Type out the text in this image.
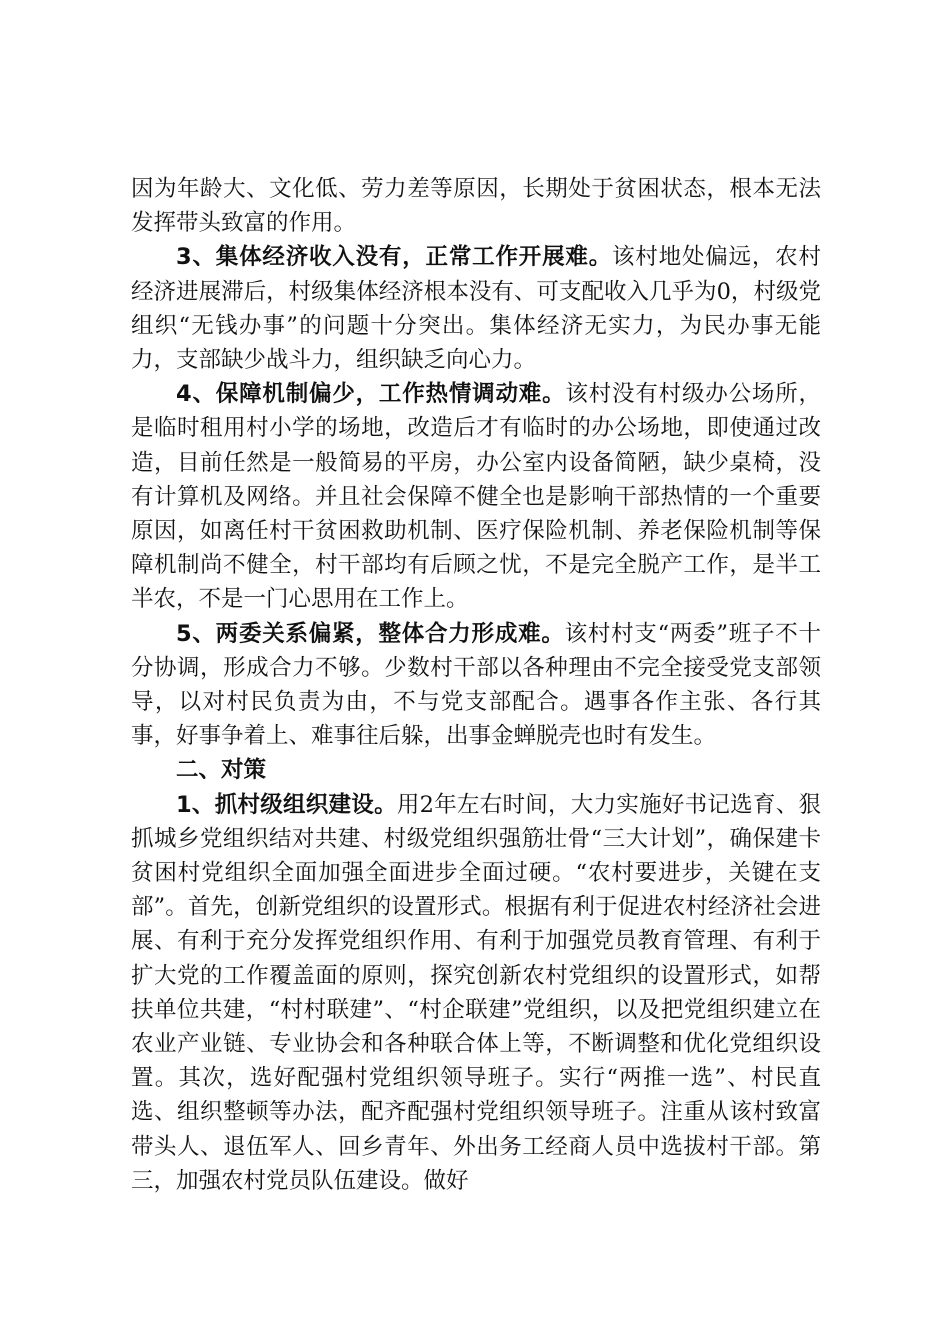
因为年龄大、文化低、劳力差等原因，长期处于贫困状态，根本无法发挥带头致富的作用。

3、集体经济收入没有，正常工作开展难。该村地处偏远，农村经济进展滞后，村级集体经济根本没有、可支配收入几乎为0，村级党组织“无钱办事”的问题十分突出。集体经济无实力，为民办事无能力，支部缺少战斗力，组织缺乏向心力。

4、保障机制偏少，工作热情调动难。该村没有村级办公场所，是临时租用村小学的场地，改造后才有临时的办公场地，即使通过改造，目前任然是一般简易的平房，办公室内设备简陋，缺少桌椅，没有计算机及网络。并且社会保障不健全也是影响干部热情的一个重要原因，如离任村干贫困救助机制、医疗保险机制、养老保险机制等保障机制尚不健全，村干部均有后顾之忧，不是完全脱产工作，是半工半农，不是一门心思用在工作上。

5、两委关系偏紧，整体合力形成难。该村村支“两委”班子不十分协调，形成合力不够。少数村干部以各种理由不完全接受党支部领导，以对村民负责为由，不与党支部配合。遇事各作主张、各行其事，好事争着上、难事往后躲，出事金蝉脱壳也时有发生。

二、对策

1、抓村级组织建设。用2年左右时间，大力实施好书记选育、狠抓城乡党组织结对共建、村级党组织强筋壮骨“三大计划”，确保建卡贫困村党组织全面加强全面进步全面过硬。“农村要进步，关键在支部”。首先，创新党组织的设置形式。根据有利于促进农村经济社会进展、有利于充分发挥党组织作用、有利于加强党员教育管理、有利于扩大党的工作覆盖面的原则，探究创新农村党组织的设置形式，如帮扶单位共建，“村村联建”、“村企联建”党组织，以及把党组织建立在农业产业链、专业协会和各种联合体上等，不断调整和优化党组织设置。其次，选好配强村党组织领导班子。实行“两推一选”、村民直选、组织整顿等办法，配齐配强村党组织领导班子。注重从该村致富带头人、退伍军人、回乡青年、外出务工经商人员中选拔村干部。第三，加强农村党员队伍建设。做好
